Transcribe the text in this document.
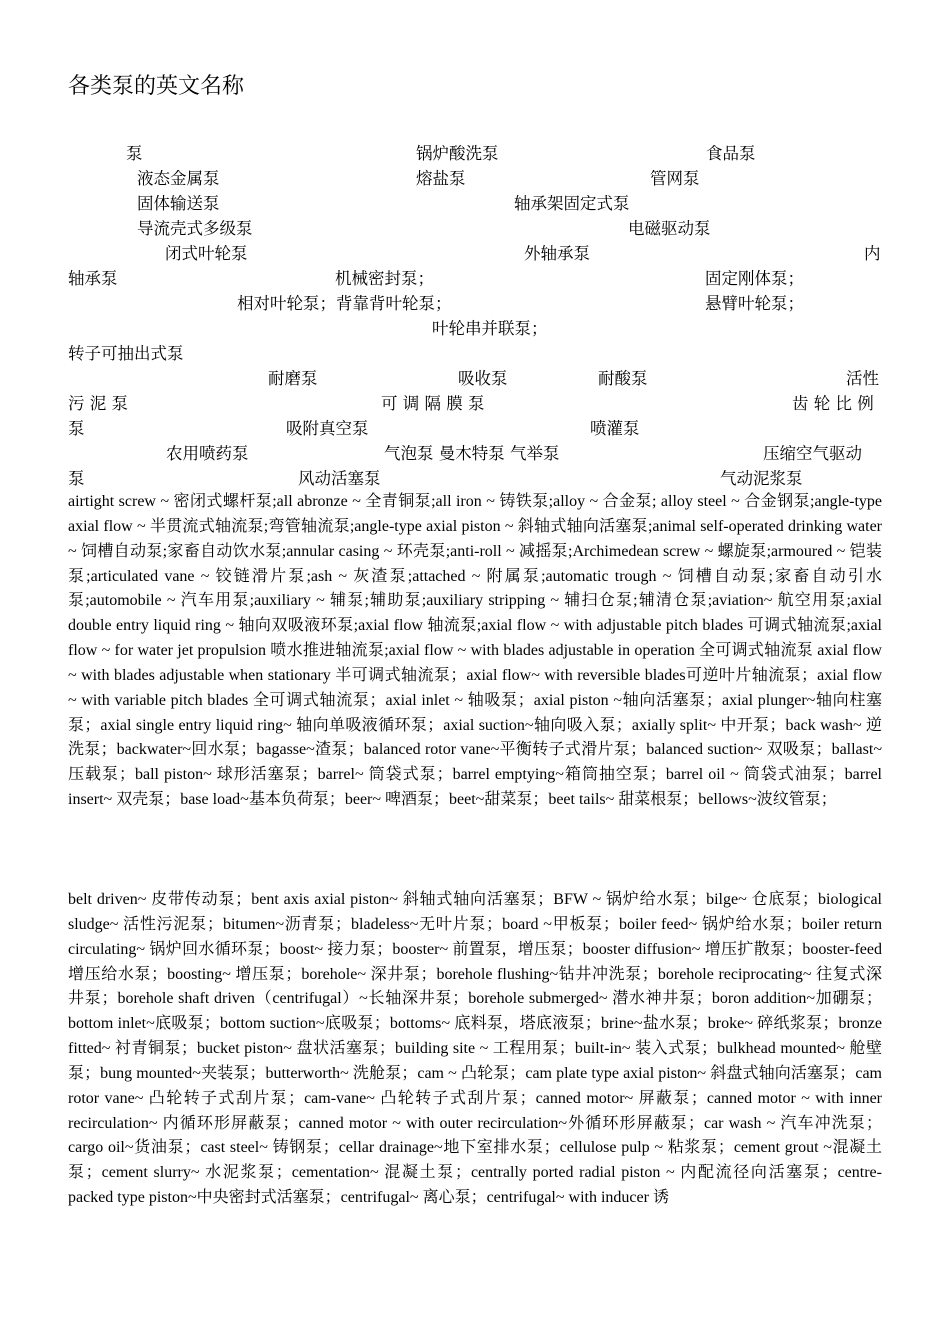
各类泵的英文名称
泵	锅炉酸洗泵	食品泵
液态金属泵	熔盐泵	管网泵
固体输送泵	轴承架固定式泵
导流壳式多级泵	电磁驱动泵
闭式叶轮泵	外轴承泵	内
轴承泵	机械密封泵；	固定刚体泵；
相对叶轮泵；背靠背叶轮泵；	悬臂叶轮泵；
叶轮串并联泵；
转子可抽出式泵
耐磨泵	吸收泵	耐酸泵	活性
污 泥 泵	可 调 隔 膜 泵	齿 轮 比 例
泵	吸附真空泵	喷灌泵
农用喷药泵	气泡泵 曼木特泵 气举泵	压缩空气驱动
泵	风动活塞泵	气动泥浆泵
airtight screw ~ 密闭式螺杆泵;all abronze ~ 全青铜泵;all iron ~ 铸铁泵;alloy ~ 合金泵; alloy steel ~ 合金钢泵;angle-type axial flow ~ 半贯流式轴流泵;弯管轴流泵;angle-type axial piston ~ 斜轴式轴向活塞泵;animal self-operated drinking water ~ 饲槽自动泵;家畜自动饮水泵;annular casing ~ 环壳泵;anti-roll ~ 减摇泵;Archimedean screw ~ 螺旋泵;armoured ~ 铠装泵;articulated vane ~ 铰链滑片泵;ash ~ 灰渣泵;attached ~ 附属泵;automatic trough ~ 饲槽自动泵;家畜自动引水泵;automobile ~ 汽车用泵;auxiliary ~ 辅泵;辅助泵;auxiliary stripping ~ 辅扫仓泵;辅清仓泵;aviation~ 航空用泵;axial double entry liquid ring ~ 轴向双吸液环泵;axial flow 轴流泵;axial flow ~ with adjustable pitch blades 可调式轴流泵;axial flow ~ for water jet propulsion 喷水推进轴流泵;axial flow ~ with blades adjustable in operation 全可调式轴流泵 axial flow ~ with blades adjustable when stationary 半可调式轴流泵；axial flow~ with reversible blades可逆叶片轴流泵；axial flow ~ with variable pitch blades 全可调式轴流泵；axial inlet ~ 轴吸泵；axial piston ~轴向活塞泵；axial plunger~轴向柱塞泵；axial single entry liquid ring~ 轴向单吸液循环泵；axial suction~轴向吸入泵；axially split~ 中开泵；back wash~ 逆洗泵；backwater~回水泵；bagasse~渣泵；balanced rotor vane~平衡转子式滑片泵；balanced suction~ 双吸泵；ballast~压载泵；ball piston~ 球形活塞泵；barrel~ 筒袋式泵；barrel emptying~箱筒抽空泵；barrel oil ~ 筒袋式油泵；barrel insert~ 双壳泵；base load~基本负荷泵；beer~ 啤酒泵；beet~甜菜泵；beet tails~ 甜菜根泵；bellows~波纹管泵；
belt driven~ 皮带传动泵；bent axis axial piston~ 斜轴式轴向活塞泵；BFW ~ 锅炉给水泵；bilge~ 仓底泵；biological sludge~ 活性污泥泵；bitumen~沥青泵；bladeless~无叶片泵；board ~甲板泵；boiler feed~ 锅炉给水泵；boiler return circulating~ 锅炉回水循环泵；boost~ 接力泵；booster~ 前置泵，增压泵；booster diffusion~ 增压扩散泵；booster-feed 增压给水泵；boosting~ 增压泵；borehole~ 深井泵；borehole flushing~钻井冲洗泵；borehole reciprocating~ 往复式深井泵；borehole shaft driven（centrifugal）~长轴深井泵；borehole submerged~ 潜水神井泵；boron addition~加硼泵；bottom inlet~底吸泵；bottom suction~底吸泵；bottoms~ 底料泵，塔底液泵；brine~盐水泵；broke~ 碎纸浆泵；bronze fitted~ 衬青铜泵；bucket piston~ 盘状活塞泵；building site ~ 工程用泵；built-in~ 装入式泵；bulkhead mounted~ 舱壁泵；bung mounted~夹装泵；butterworth~ 洗舱泵；cam ~ 凸轮泵；cam plate type axial piston~ 斜盘式轴向活塞泵；cam rotor vane~ 凸轮转子式刮片泵；cam-vane~ 凸轮转子式刮片泵；canned motor~ 屏蔽泵；canned motor ~ with inner recirculation~ 内循环形屏蔽泵；canned motor ~ with outer recirculation~外循环形屏蔽泵；car wash ~ 汽车冲洗泵；cargo oil~货油泵；cast steel~ 铸钢泵；cellar drainage~地下室排水泵；cellulose pulp ~ 粘浆泵；cement grout ~混凝土泵；cement slurry~ 水泥浆泵；cementation~ 混凝土泵；centrally ported radial piston ~ 内配流径向活塞泵；centre-packed type piston~中央密封式活塞泵；centrifugal~ 离心泵；centrifugal~ with inducer 诱
